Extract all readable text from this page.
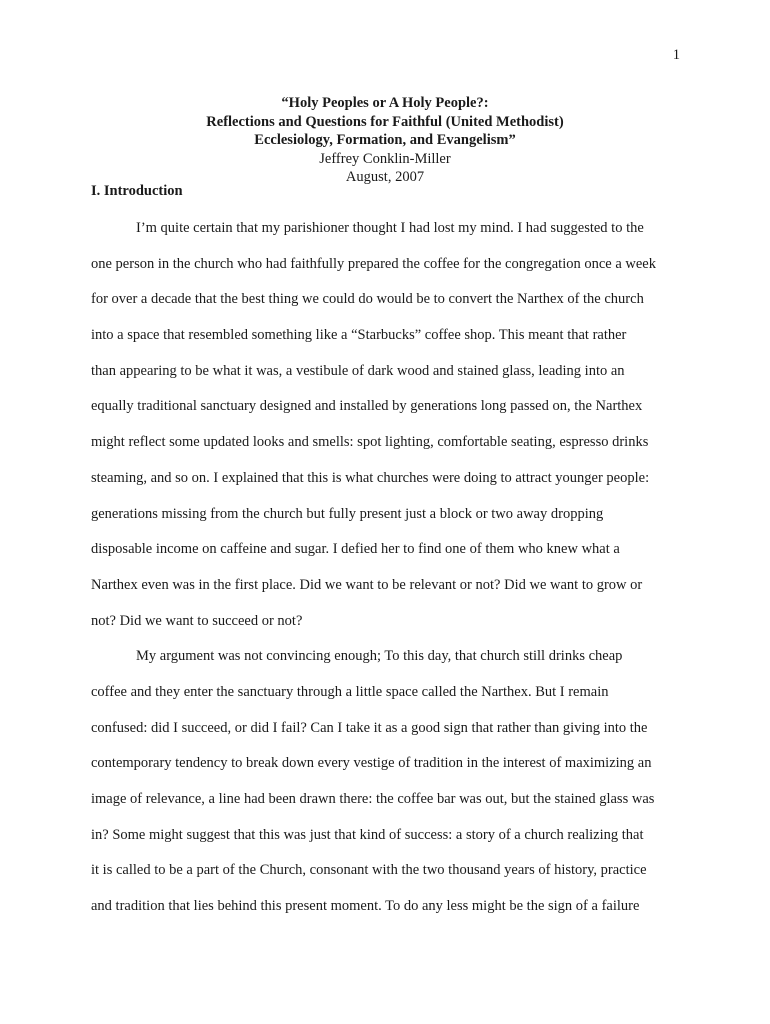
1
“Holy Peoples or A Holy People?:
Reflections and Questions for Faithful (United Methodist)
Ecclesiology, Formation, and Evangelism”
Jeffrey Conklin-Miller
August, 2007
I. Introduction
I’m quite certain that my parishioner thought I had lost my mind. I had suggested to the
one person in the church who had faithfully prepared the coffee for the congregation once a week
for over a decade that the best thing we could do would be to convert the Narthex of the church
into a space that resembled something like a “Starbucks” coffee shop. This meant that rather
than appearing to be what it was, a vestibule of dark wood and stained glass, leading into an
equally traditional sanctuary designed and installed by generations long passed on, the Narthex
might reflect some updated looks and smells: spot lighting, comfortable seating, espresso drinks
steaming, and so on. I explained that this is what churches were doing to attract younger people:
generations missing from the church but fully present just a block or two away dropping
disposable income on caffeine and sugar. I defied her to find one of them who knew what a
Narthex even was in the first place. Did we want to be relevant or not? Did we want to grow or
not? Did we want to succeed or not?
My argument was not convincing enough; To this day, that church still drinks cheap
coffee and they enter the sanctuary through a little space called the Narthex. But I remain
confused: did I succeed, or did I fail? Can I take it as a good sign that rather than giving into the
contemporary tendency to break down every vestige of tradition in the interest of maximizing an
image of relevance, a line had been drawn there: the coffee bar was out, but the stained glass was
in? Some might suggest that this was just that kind of success: a story of a church realizing that
it is called to be a part of the Church, consonant with the two thousand years of history, practice
and tradition that lies behind this present moment. To do any less might be the sign of a failure
